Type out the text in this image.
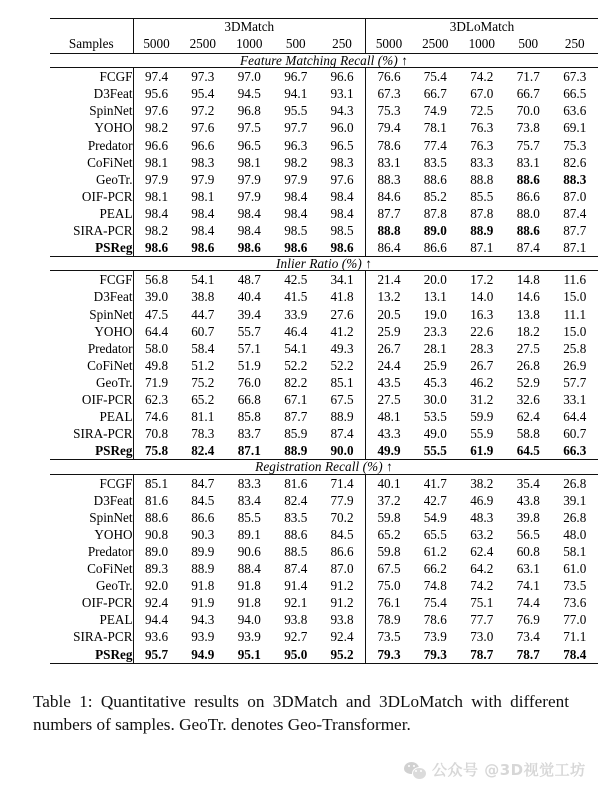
	3DMatch					3DLoMatch				
Samples	5000	2500	1000	500	250	5000	2500	1000	500	250

Feature Matching Recall (%) ↑										

FCGF	97.4	97.3	97.0	96.7	96.6	76.6	75.4	74.2	71.7	67.3
D3Feat	95.6	95.4	94.5	94.1	93.1	67.3	66.7	67.0	66.7	66.5
SpinNet	97.6	97.2	96.8	95.5	94.3	75.3	74.9	72.5	70.0	63.6
YOHO	98.2	97.6	97.5	97.7	96.0	79.4	78.1	76.3	73.8	69.1
Predator	96.6	96.6	96.5	96.3	96.5	78.6	77.4	76.3	75.7	75.3
CoFiNet	98.1	98.3	98.1	98.2	98.3	83.1	83.5	83.3	83.1	82.6
GeoTr.	97.9	97.9	97.9	97.9	97.6	88.3	88.6	88.8	88.6	88.3
OIF-PCR	98.1	98.1	97.9	98.4	98.4	84.6	85.2	85.5	86.6	87.0
PEAL	98.4	98.4	98.4	98.4	98.4	87.7	87.8	87.8	88.0	87.4
SIRA-PCR	98.2	98.4	98.4	98.5	98.5	88.8	89.0	88.9	88.6	87.7
PSReg	98.6	98.6	98.6	98.6	98.6	86.4	86.6	87.1	87.4	87.1

Inlier Ratio (%) ↑										

FCGF	56.8	54.1	48.7	42.5	34.1	21.4	20.0	17.2	14.8	11.6
D3Feat	39.0	38.8	40.4	41.5	41.8	13.2	13.1	14.0	14.6	15.0
SpinNet	47.5	44.7	39.4	33.9	27.6	20.5	19.0	16.3	13.8	11.1
YOHO	64.4	60.7	55.7	46.4	41.2	25.9	23.3	22.6	18.2	15.0
Predator	58.0	58.4	57.1	54.1	49.3	26.7	28.1	28.3	27.5	25.8
CoFiNet	49.8	51.2	51.9	52.2	52.2	24.4	25.9	26.7	26.8	26.9
GeoTr.	71.9	75.2	76.0	82.2	85.1	43.5	45.3	46.2	52.9	57.7
OIF-PCR	62.3	65.2	66.8	67.1	67.5	27.5	30.0	31.2	32.6	33.1
PEAL	74.6	81.1	85.8	87.7	88.9	48.1	53.5	59.9	62.4	64.4
SIRA-PCR	70.8	78.3	83.7	85.9	87.4	43.3	49.0	55.9	58.8	60.7
PSReg	75.8	82.4	87.1	88.9	90.0	49.9	55.5	61.9	64.5	66.3

Registration Recall (%) ↑										

FCGF	85.1	84.7	83.3	81.6	71.4	40.1	41.7	38.2	35.4	26.8
D3Feat	81.6	84.5	83.4	82.4	77.9	37.2	42.7	46.9	43.8	39.1
SpinNet	88.6	86.6	85.5	83.5	70.2	59.8	54.9	48.3	39.8	26.8
YOHO	90.8	90.3	89.1	88.6	84.5	65.2	65.5	63.2	56.5	48.0
Predator	89.0	89.9	90.6	88.5	86.6	59.8	61.2	62.4	60.8	58.1
CoFiNet	89.3	88.9	88.4	87.4	87.0	67.5	66.2	64.2	63.1	61.0
GeoTr.	92.0	91.8	91.8	91.4	91.2	75.0	74.8	74.2	74.1	73.5
OIF-PCR	92.4	91.9	91.8	92.1	91.2	76.1	75.4	75.1	74.4	73.6
PEAL	94.4	94.3	94.0	93.8	93.8	78.9	78.6	77.7	76.9	77.0
SIRA-PCR	93.6	93.9	93.9	92.7	92.4	73.5	73.9	73.0	73.4	71.1
PSReg	95.7	94.9	95.1	95.0	95.2	79.3	79.3	78.7	78.7	78.4

Table 1: Quantitative results on 3DMatch and 3DLoMatch with different numbers of samples. GeoTr. denotes Geo-Transformer.
公众号 @3D视觉工坊
